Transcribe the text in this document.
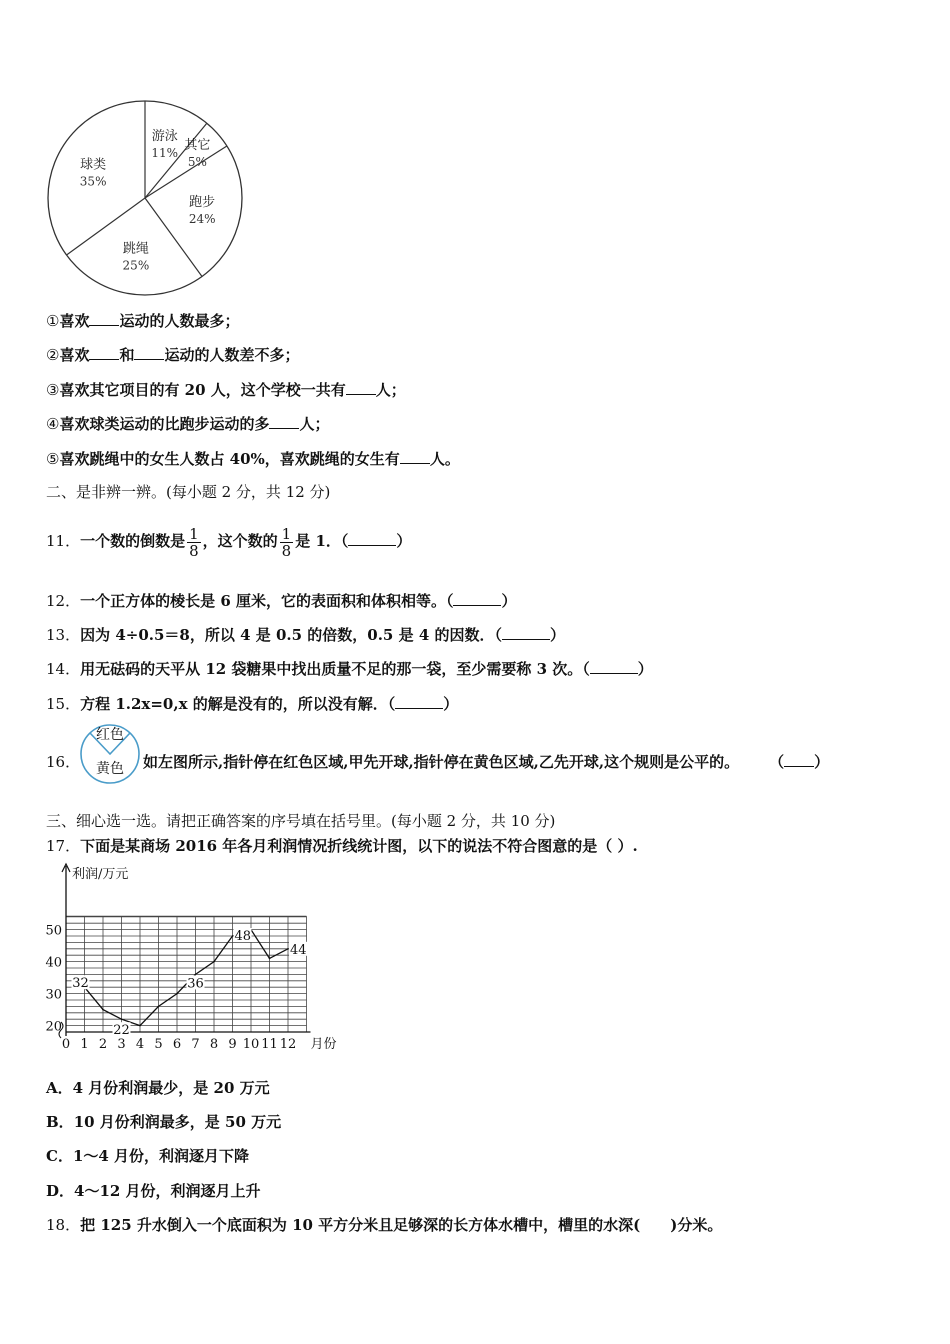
游泳
11%
其它
5%
跑步
24%
跳绳
25%
球类
35%
①喜欢 运动的人数最多；
②喜欢 和 运动的人数差不多；
③喜欢其它项目的有 20 人，这个学校一共有 人；
④喜欢球类运动的比跑步运动的多 人；
⑤喜欢跳绳中的女生人数占 40%，喜欢跳绳的女生有 人。
二、是非辨一辨。(每小题 2 分，共 12 分)
11．一个数的倒数是 $\frac{1}{8}$ ，这个数的 $\frac{1}{8}$ 是 1．（	）
12．一个正方体的棱长是 6 厘米，它的表面积和体积相等。（	）
13．因为 4÷0.5＝8，所以 4 是 0.5 的倍数，0.5 是 4 的因数．（	）
14．用无砝码的天平从 12 袋糖果中找出质量不足的那一袋，至少需要称 3 次。（	）
15．方程 1.2x=0,x 的解是没有的，所以没有解．（	）
16．
红色
黄色 如左图所示,指针停在红色区域,甲先开球,指针停在黄色区域,乙先开球,这个规则是公平的。 （ ）
三、细心选一选。请把正确答案的序号填在括号里。(每小题 2 分，共 10 分)
17．下面是某商场 2016 年各月利润情况折线统计图，以下的说法不符合图意的是（ ）.
利润/万元
月份
0 1 2 3 4 5 6 7 8 9 10 11 12
20
30
40
50
32
22
36
48
44
A．4 月份利润最少，是 20 万元
B．10 月份利润最多，是 50 万元
C．1～4 月份，利润逐月下降
D．4～12 月份，利润逐月上升
18．把 125 升水倒入一个底面积为 10 平方分米且足够深的长方体水槽中，槽里的水深(　　)分米。
